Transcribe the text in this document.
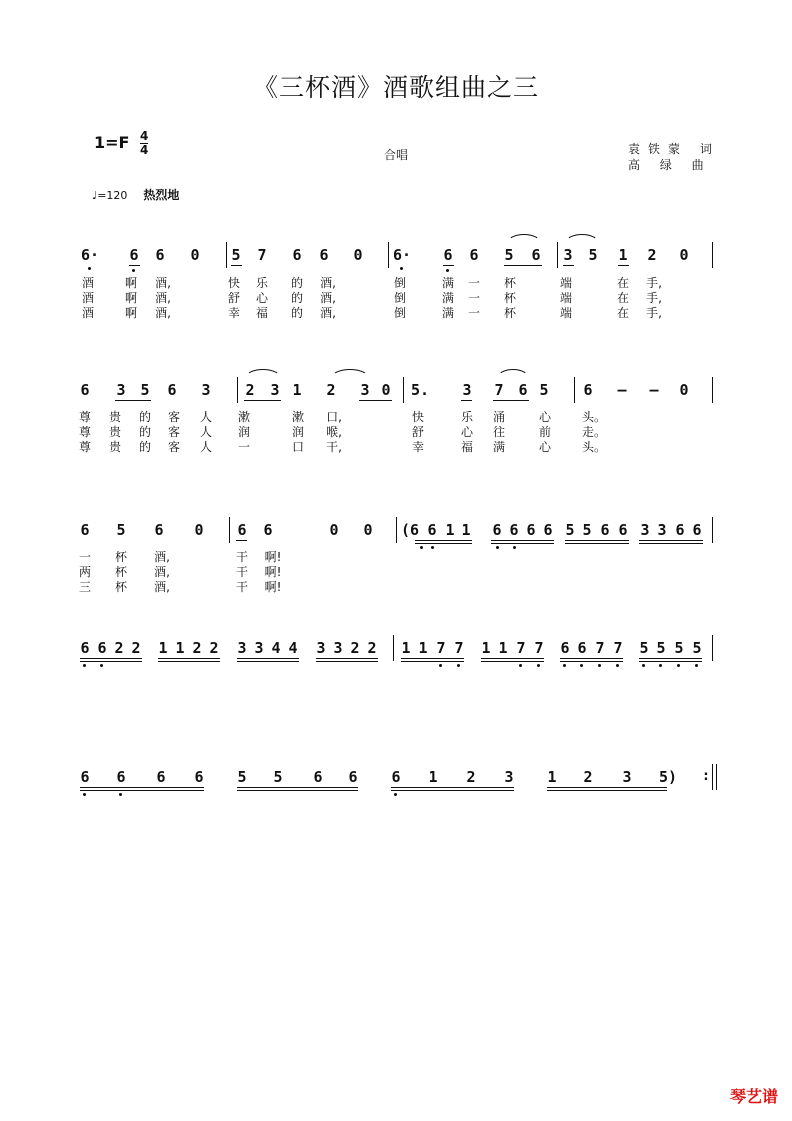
《三杯酒》酒歌组曲之三
1=F 4
4	合唱	袁铁蒙 词
高 绿 曲
♩=120 热烈地
6· 6 6 0 5 7 6 6 0 6· 6 6 5 6 3 5 1 2 0
酒	啊 酒,	快 乐 的 酒,	倒	满 一 杯	端	在 手,
酒	啊 酒,	舒 心 的 酒,	倒	满 一 杯	端	在 手,
酒	啊 酒,	幸 福 的 酒,	倒	满 一 杯	端	在 手,
6 3 5 6 3 2 3 1 2 3 0 5. 3 7 6 5 6 – – 0
尊 贵 的 客 人 漱	漱 口,	快	乐 涌	心	头。
尊 贵 的 客 人 润	润 喉,	舒	心 往	前	走。
尊 贵 的 客 人 一	口 干,	幸	福 满	心	头。
6 5 6 0 6 6	0 0 (6 6 1 1 6 6 6 6 5 5 6 6 3 3 6 6
一 杯 酒,	干 啊!
两 杯 酒,	干 啊!
三 杯 酒,	干 啊!
6 6 2 2 1 1 2 2 3 3 4 4 3 3 2 2 1 1 7 7 1 1 7 7 6 6 7 7 5 5 5 5
6 6 6 6 5 5 6 6 6 1 2 3 1 2 3 5) :
琴艺谱
